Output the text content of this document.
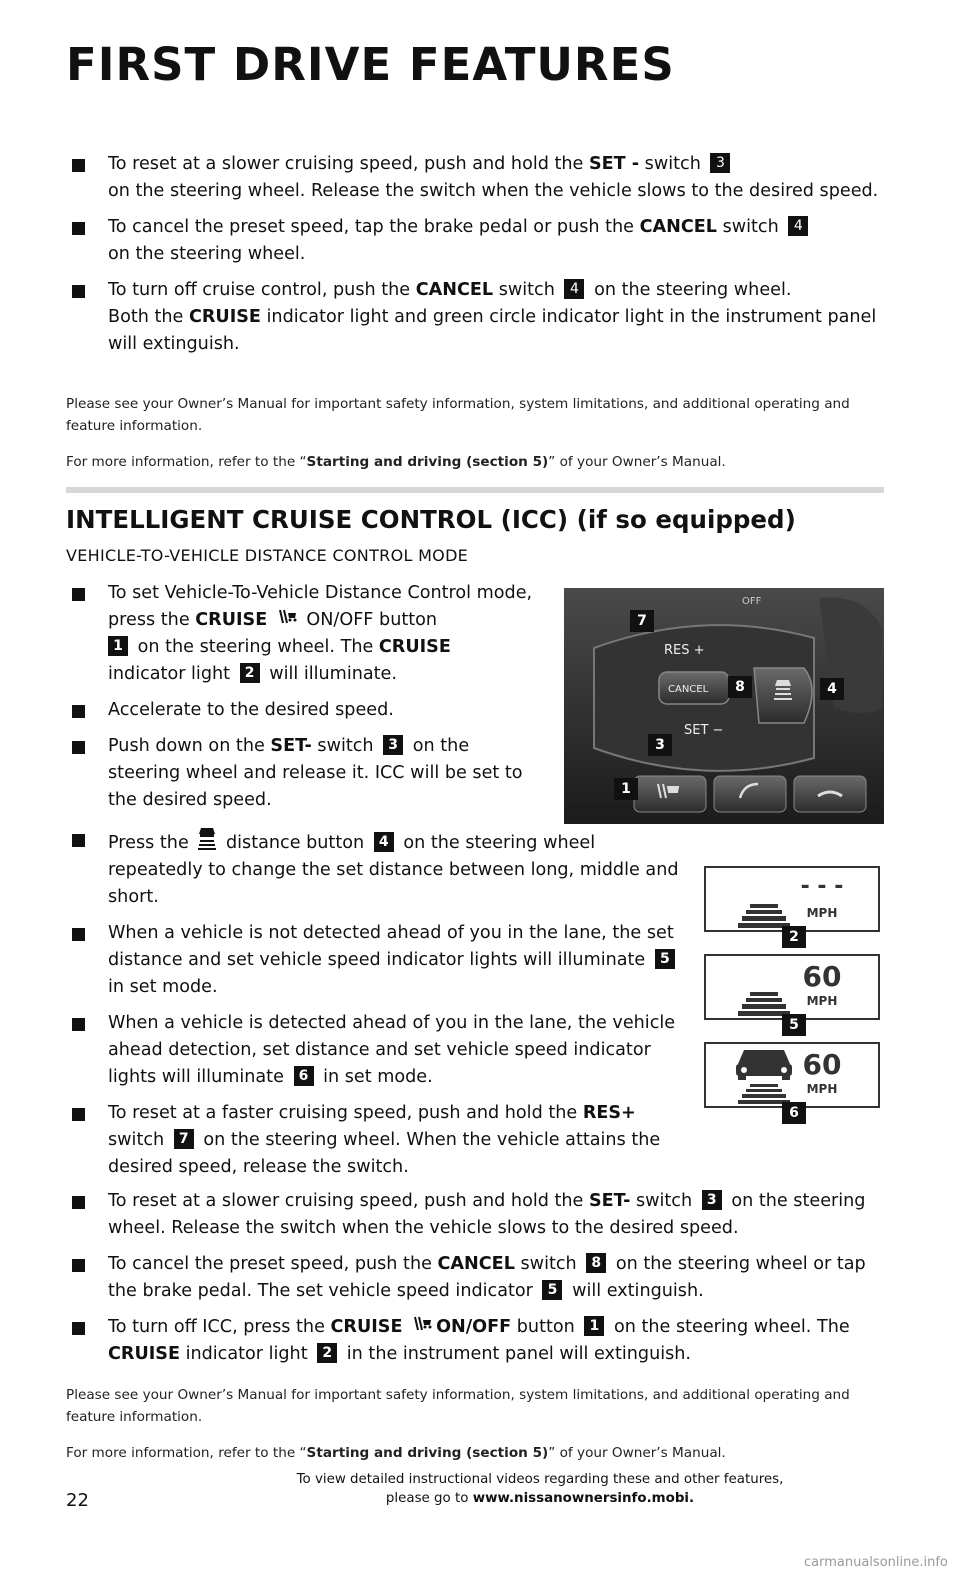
FIRST DRIVE FEATURES
To reset at a slower cruising speed, push and hold the SET - switch 3
on the steering wheel. Release the switch when the vehicle slows to the desired speed.
To cancel the preset speed, tap the brake pedal or push the CANCEL switch 4
on the steering wheel.
To turn off cruise control, push the CANCEL switch 4 on the steering wheel.
Both the CRUISE indicator light and green circle indicator light in the instrument panel will extinguish.

Please see your Owner’s Manual for important safety information, system limitations, and additional operating and feature information.

For more information, refer to the “Starting and driving (section 5)” of your Owner’s Manual.

INTELLIGENT CRUISE CONTROL (ICC) (if so equipped)

VEHICLE-TO-VEHICLE DISTANCE CONTROL MODE

To set Vehicle-To-Vehicle Distance Control mode, press the CRUISE  ON/OFF button
1 on the steering wheel. The CRUISE
indicator light 2 will illuminate.
Accelerate to the desired speed.
Push down on the SET- switch 3 on the steering wheel and release it. ICC will be set to the desired speed.
Press the distance button 4 on the steering wheel repeatedly to change the set distance between long, middle and short.
When a vehicle is not detected ahead of you in the lane, the set distance and set vehicle speed indicator lights will illuminate 5 in set mode.
When a vehicle is detected ahead of you in the lane, the vehicle ahead detection, set distance and set vehicle speed indicator lights will illuminate 6 in set mode.
To reset at a faster cruising speed, push and hold the RES+
switch 7 on the steering wheel. When the vehicle attains the desired speed, release the switch.
To reset at a slower cruising speed, push and hold the SET- switch 3 on the steering wheel. Release the switch when the vehicle slows to the desired speed.
To cancel the preset speed, push the CANCEL switch 8 on the steering wheel or tap the brake pedal. The set vehicle speed indicator 5 will extinguish.
To turn off ICC, press the CRUISE ON/OFF button 1 on the steering wheel. The CRUISE indicator light 2 in the instrument panel will extinguish.

Please see your Owner’s Manual for important safety information, system limitations, and additional operating and feature information.

For more information, refer to the “Starting and driving (section 5)” of your Owner’s Manual.

RES +
CANCEL
SET −
OFF
7
8	4
3
1
- - -
MPH
2
60
MPH
5
60
MPH
6

22

To view detailed instructional videos regarding these and other features,
please go to www.nissanownersinfo.mobi.

carmanualsonline.info
